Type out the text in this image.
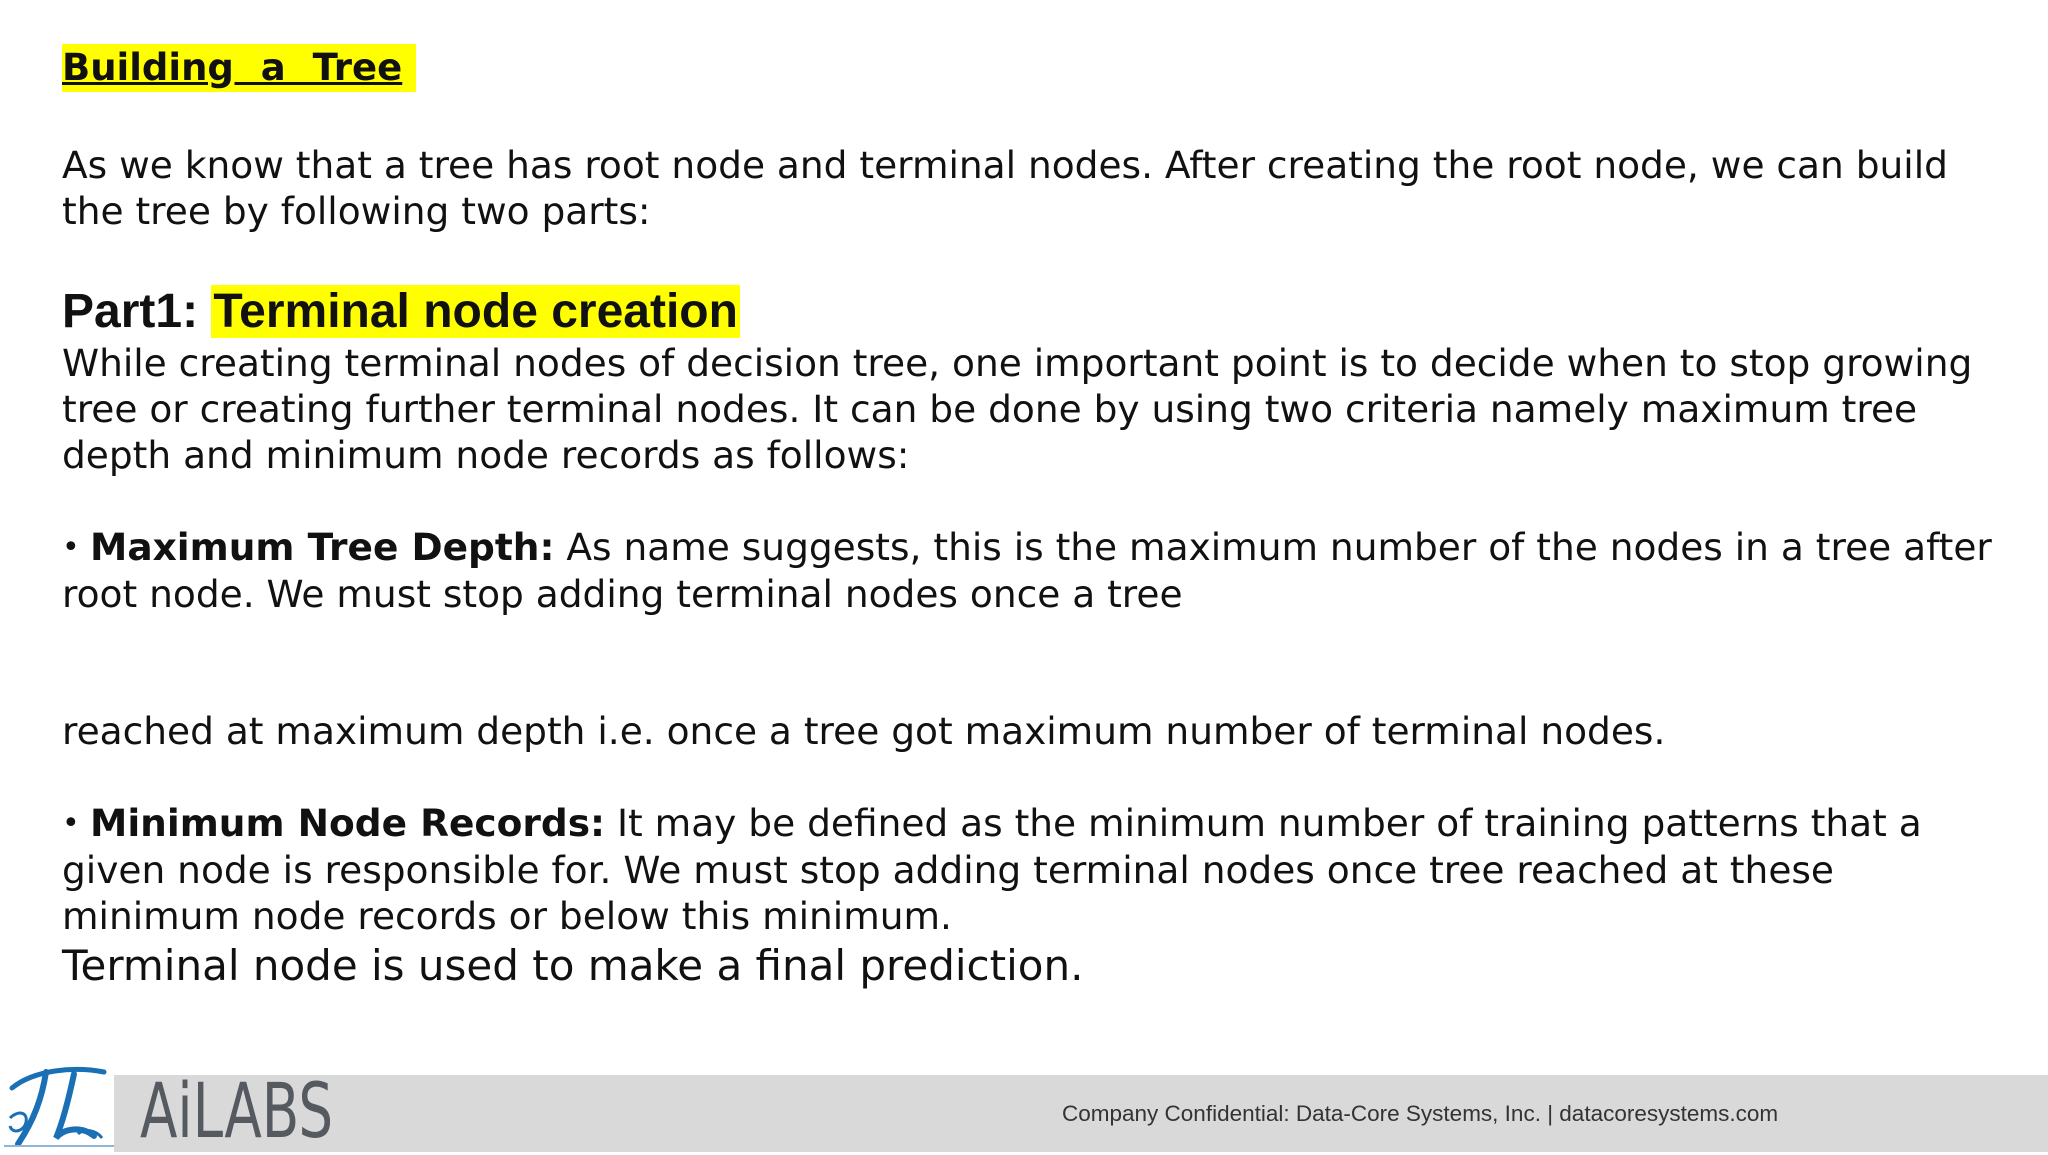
Building a Tree

As we know that a tree has root node and terminal nodes. After creating the root node, we can build the tree by following two parts:

Part1: Terminal node creation

While creating terminal nodes of decision tree, one important point is to decide when to stop growing tree or creating further terminal nodes. It can be done by using two criteria namely maximum tree depth and minimum node records as follows:

• Maximum Tree Depth: As name suggests, this is the maximum number of the nodes in a tree after root node. We must stop adding terminal nodes once a tree

reached at maximum depth i.e. once a tree got maximum number of terminal nodes.

• Minimum Node Records: It may be defined as the minimum number of training patterns that a given node is responsible for. We must stop adding terminal nodes once tree reached at these minimum node records or below this minimum.

Terminal node is used to make a final prediction.

AiLABS	Company Confidential: Data-Core Systems, Inc. | datacoresystems.com
